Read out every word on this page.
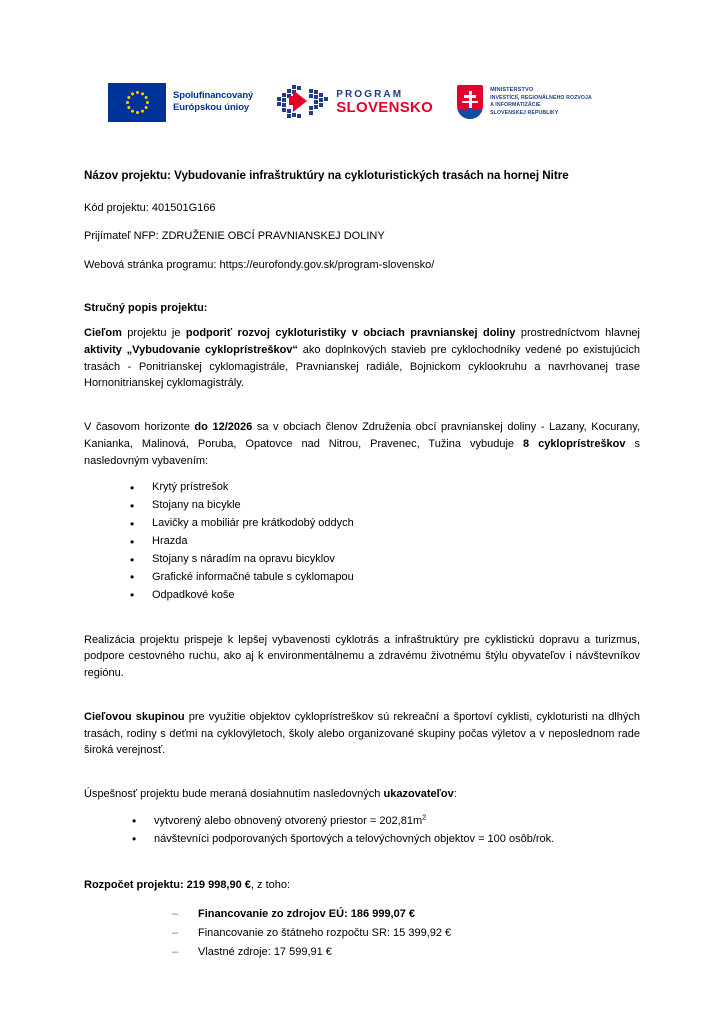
Spolufinancovaný
Európskou únioу
PROGRAM
SLOVENSKO
MINISTERSTVO
INVESTÍCIÍ, REGIONÁLNEHO ROZVOJA
A INFORMATIZÁCIE
SLOVENSKEJ REPUBLIKY
Názov projektu: Vybudovanie infraštruktúry na cykloturistických trasách na hornej Nitre

Kód projektu: 401501G166

Prijímateľ NFP: ZDRUŽENIE OBCÍ PRAVNIANSKEJ DOLINY

Webová stránka programu: https://eurofondy.gov.sk/program-slovensko/

Stručný popis projektu:

Cieľom projektu je podporiť rozvoj cykloturistiky v obciach pravnianskej doliny prostredníctvom hlavnej aktivity „Vybudovanie cykloprístreškov“ ako doplnkových stavieb pre cyklochodníky vedené po existujúcich trasách - Ponitrianskej cyklomagistrále, Pravnianskej radiále, Bojnickom cyklookruhu a navrhovanej trase Hornonitrianskej cyklomagistrály.

V časovom horizonte do 12/2026 sa v obciach členov Združenia obcí pravnianskej doliny - Lazany, Kocurany, Kanianka, Malinová, Poruba, Opatovce nad Nitrou, Pravenec, Tužina vybuduje 8 cykloprístreškov s nasledovným vybavením:

• Krytý prístrešok
• Stojany na bicykle
• Lavičky a mobiliár pre krátkodobý oddych
• Hrazda
• Stojany s náradím na opravu bicyklov
• Grafické informačné tabule s cyklomapou
• Odpadkové koše

Realizácia projektu prispeje k lepšej vybavenosti cyklotrás a infraštruktúry pre cyklistickú dopravu a turizmus, podpore cestovného ruchu, ako aj k environmentálnemu a zdravému životnému štýlu obyvateľov i návštevníkov regiónu.

Cieľovou skupinou pre využitie objektov cykloprístreškov sú rekreační a športoví cyklisti, cykloturisti na dlhých trasách, rodiny s deťmi na cyklovÿletoch, školy alebo organizované skupiny počas vÿletov a v neposlednom rade široká verejnosť.

Úspešnosť projektu bude meraná dosiahnutím nasledovných ukazovateľov:

• vytvorený alebo obnovený otvorený priestor = $202,81m^2$
• návštevníci podporovaných športových a telovýchovných objektov = 100 osôb/rok.

Rozpočet projektu: 219 998,90 €, z toho:

– Financovanie zo zdrojov EÚ: 186 999,07 €
– Financovanie zo štátneho rozpočtu SR: 15 399,92 €
– Vlastné zdroje: 17 599,91 €
